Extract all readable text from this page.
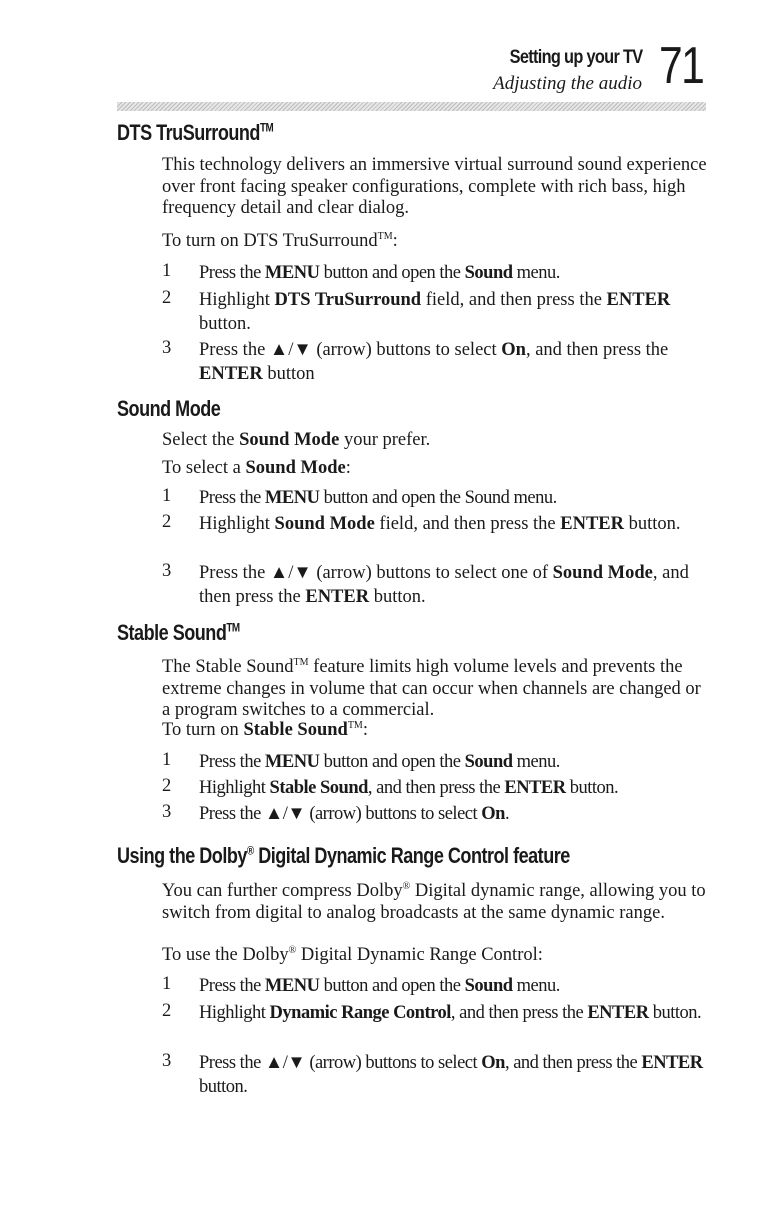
Setting up your TV
Adjusting the audio 71
DTS TruSurround™
This technology delivers an immersive virtual surround sound experience over front facing speaker configurations, complete with rich bass, high frequency detail and clear dialog.
To turn on DTS TruSurround™:
1 Press the MENU button and open the Sound menu.
2 Highlight DTS TruSurround field, and then press the ENTER button.
3 Press the ▲/▼ (arrow) buttons to select On, and then press the ENTER button
Sound Mode
Select the Sound Mode your prefer.
To select a Sound Mode:
1 Press the MENU button and open the Sound menu.
2 Highlight Sound Mode field, and then press the ENTER button.
3 Press the ▲/▼ (arrow) buttons to select one of Sound Mode, and then press the ENTER button.
Stable Sound™
The Stable Sound™ feature limits high volume levels and prevents the extreme changes in volume that can occur when channels are changed or a program switches to a commercial.
To turn on Stable Sound™:
1 Press the MENU button and open the Sound menu.
2 Highlight Stable Sound, and then press the ENTER button.
3 Press the ▲/▼ (arrow) buttons to select On.
Using the Dolby® Digital Dynamic Range Control feature
You can further compress Dolby® Digital dynamic range, allowing you to switch from digital to analog broadcasts at the same dynamic range.
To use the Dolby® Digital Dynamic Range Control:
1 Press the MENU button and open the Sound menu.
2 Highlight Dynamic Range Control, and then press the ENTER button.
3 Press the ▲/▼ (arrow) buttons to select On, and then press the ENTER button.
